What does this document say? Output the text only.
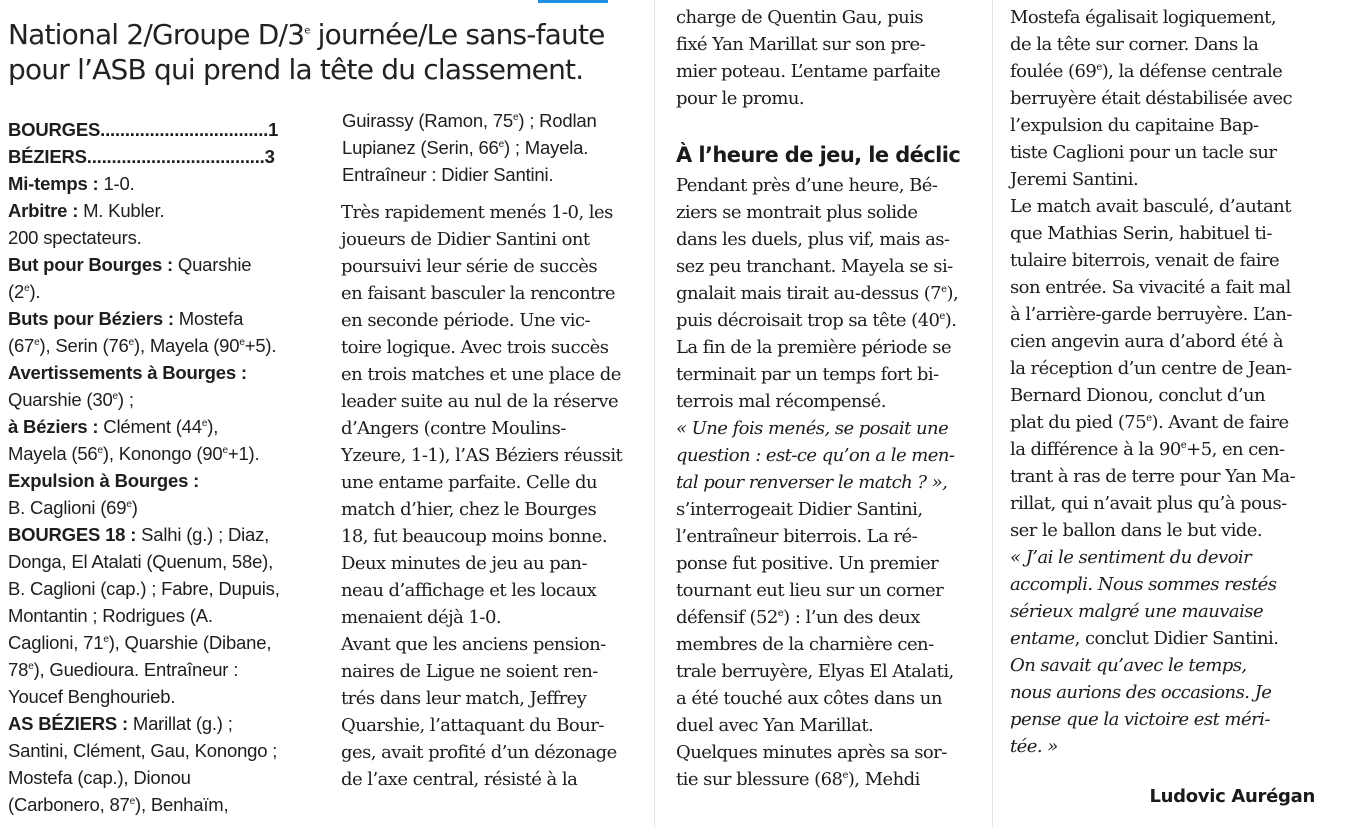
National 2/Groupe D/3e journée/Le sans-faute
pour l’ASB qui prend la tête du classement.
BOURGES..................................1
BÉZIERS....................................3
Mi-temps : 1-0.
Arbitre : M. Kubler.
200 spectateurs.
But pour Bourges : Quarshie
(2e).
Buts pour Béziers : Mostefa
(67e), Serin (76e), Mayela $(90^e+5)$.
Avertissements à Bourges :
Quarshie (30e) ;
à Béziers : Clément (44e),
Mayela (56e), Konongo $(90^e+1)$.
Expulsion à Bourges :
B. Caglioni (69e)
BOURGES 18 : Salhi (g.) ; Diaz,
Donga, El Atalati (Quenum, 58e),
B. Caglioni (cap.) ; Fabre, Dupuis,
Montantin ; Rodrigues (A.
Caglioni, 71e), Quarshie (Dibane,
78e), Guedioura. Entraîneur :
Youcef Benghourieb.
AS BÉZIERS : Marillat (g.) ;
Santini, Clément, Gau, Konongo ;
Mostefa (cap.), Dionou
(Carbonero, 87e), Benhaïm,
Guirassy (Ramon, 75e) ; Rodlan
Lupianez (Serin, 66e) ; Mayela.
Entraîneur : Didier Santini.
Très rapidement menés 1-0, les
joueurs de Didier Santini ont
poursuivi leur série de succès
en faisant basculer la rencontre
en seconde période. Une vic-
toire logique. Avec trois succès
en trois matches et une place de
leader suite au nul de la réserve
d’Angers (contre Moulins-
Yzeure, 1-1), l’AS Béziers réussit
une entame parfaite. Celle du
match d’hier, chez le Bourges
18, fut beaucoup moins bonne.
Deux minutes de jeu au pan-
neau d’affichage et les locaux
menaient déjà 1-0.
Avant que les anciens pension-
naires de Ligue ne soient ren-
trés dans leur match, Jeffrey
Quarshie, l’attaquant du Bour-
ges, avait profité d’un dézonage
de l’axe central, résisté à la
charge de Quentin Gau, puis
fixé Yan Marillat sur son pre-
mier poteau. L’entame parfaite
pour le promu.
À l’heure de jeu, le déclic
Pendant près d’une heure, Bé-
ziers se montrait plus solide
dans les duels, plus vif, mais as-
sez peu tranchant. Mayela se si-
gnalait mais tirait au-dessus (7e),
puis décroisait trop sa tête (40e).
La fin de la première période se
terminait par un temps fort bi-
terrois mal récompensé.
« Une fois menés, se posait une
question : est-ce qu’on a le men-
tal pour renverser le match ? »,
s’interrogeait Didier Santini,
l’entraîneur biterrois. La ré-
ponse fut positive. Un premier
tournant eut lieu sur un corner
défensif (52e) : l’un des deux
membres de la charnière cen-
trale berruyère, Elyas El Atalati,
a été touché aux côtes dans un
duel avec Yan Marillat.
Quelques minutes après sa sor-
tie sur blessure (68e), Mehdi
Mostefa égalisait logiquement,
de la tête sur corner. Dans la
foulée (69e), la défense centrale
berruyère était déstabilisée avec
l’expulsion du capitaine Bap-
tiste Caglioni pour un tacle sur
Jeremi Santini.
Le match avait basculé, d’autant
que Mathias Serin, habituel ti-
tulaire biterrois, venait de faire
son entrée. Sa vivacité a fait mal
à l’arrière-garde berruyère. L’an-
cien angevin aura d’abord été à
la réception d’un centre de Jean-
Bernard Dionou, conclut d’un
plat du pied (75e). Avant de faire
la différence à la $90^e+5$, en cen-
trant à ras de terre pour Yan Ma-
rillat, qui n’avait plus qu’à pous-
ser le ballon dans le but vide.
« J’ai le sentiment du devoir
accompli. Nous sommes restés
sérieux malgré une mauvaise
entame, conclut Didier Santini.
On savait qu’avec le temps,
nous aurions des occasions. Je
pense que la victoire est méri-
tée. »
Ludovic Aurégan
